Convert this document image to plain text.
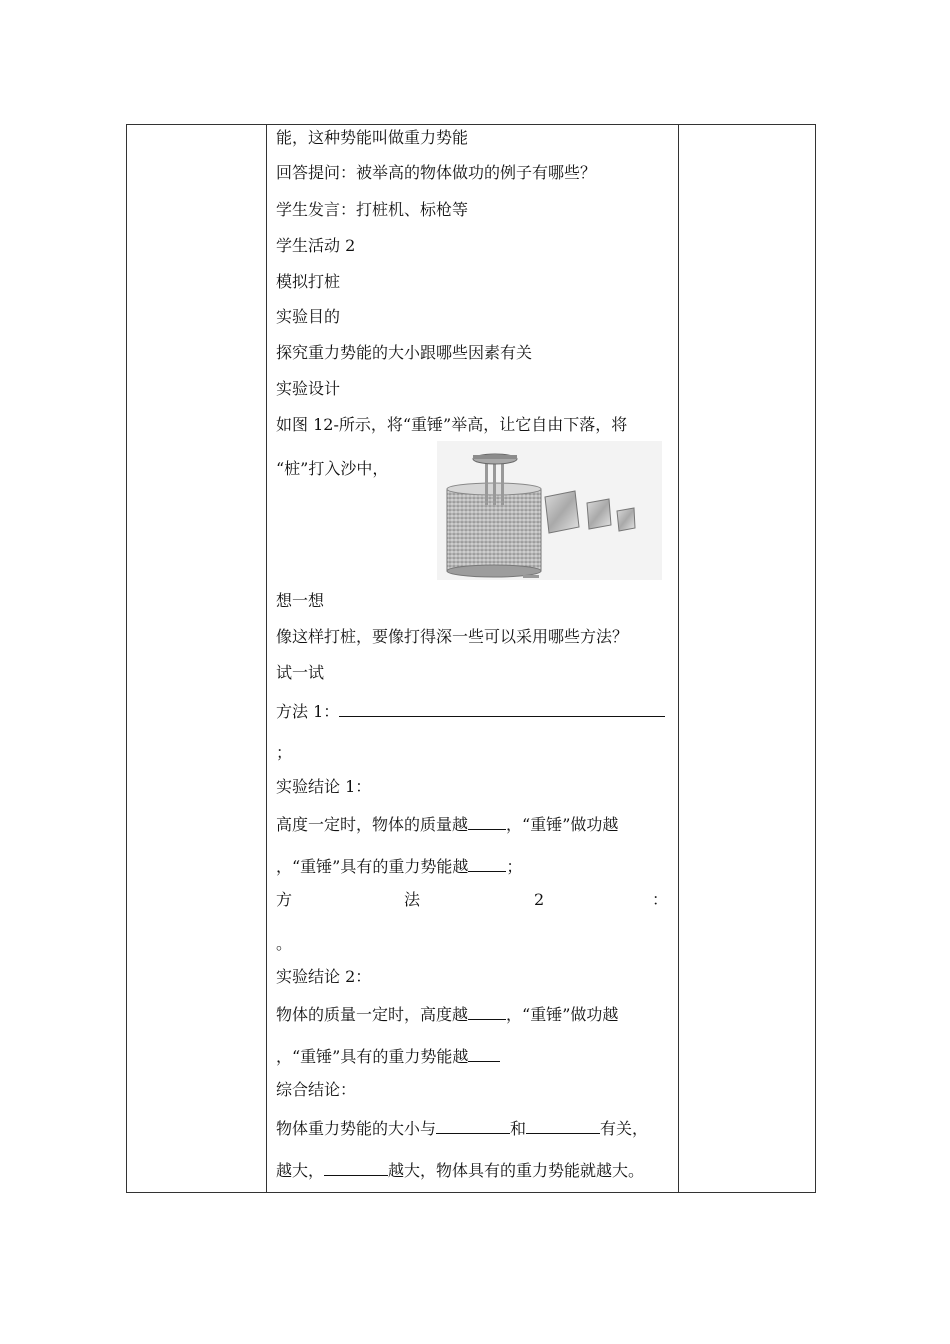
能，这种势能叫做重力势能
回答提问：被举高的物体做功的例子有哪些？
学生发言：打桩机、标枪等
学生活动 2
模拟打桩
实验目的
探究重力势能的大小跟哪些因素有关
实验设计
如图 12-所示，将“重锤”举高，让它自由下落，将
“桩”打入沙中，
想一想
像这样打桩，要像打得深一些可以采用哪些方法？
试一试
方法 1：
；
实验结论 1：
高度一定时，物体的质量越 ，“重锤”做功越
，“重锤”具有的重力势能越 ；
方	法	2	：
。
实验结论 2：
物体的质量一定时，高度越 ，“重锤”做功越
，“重锤”具有的重力势能越
综合结论：
物体重力势能的大小与	和	有关，
越大，	越大，物体具有的重力势能就越大。
